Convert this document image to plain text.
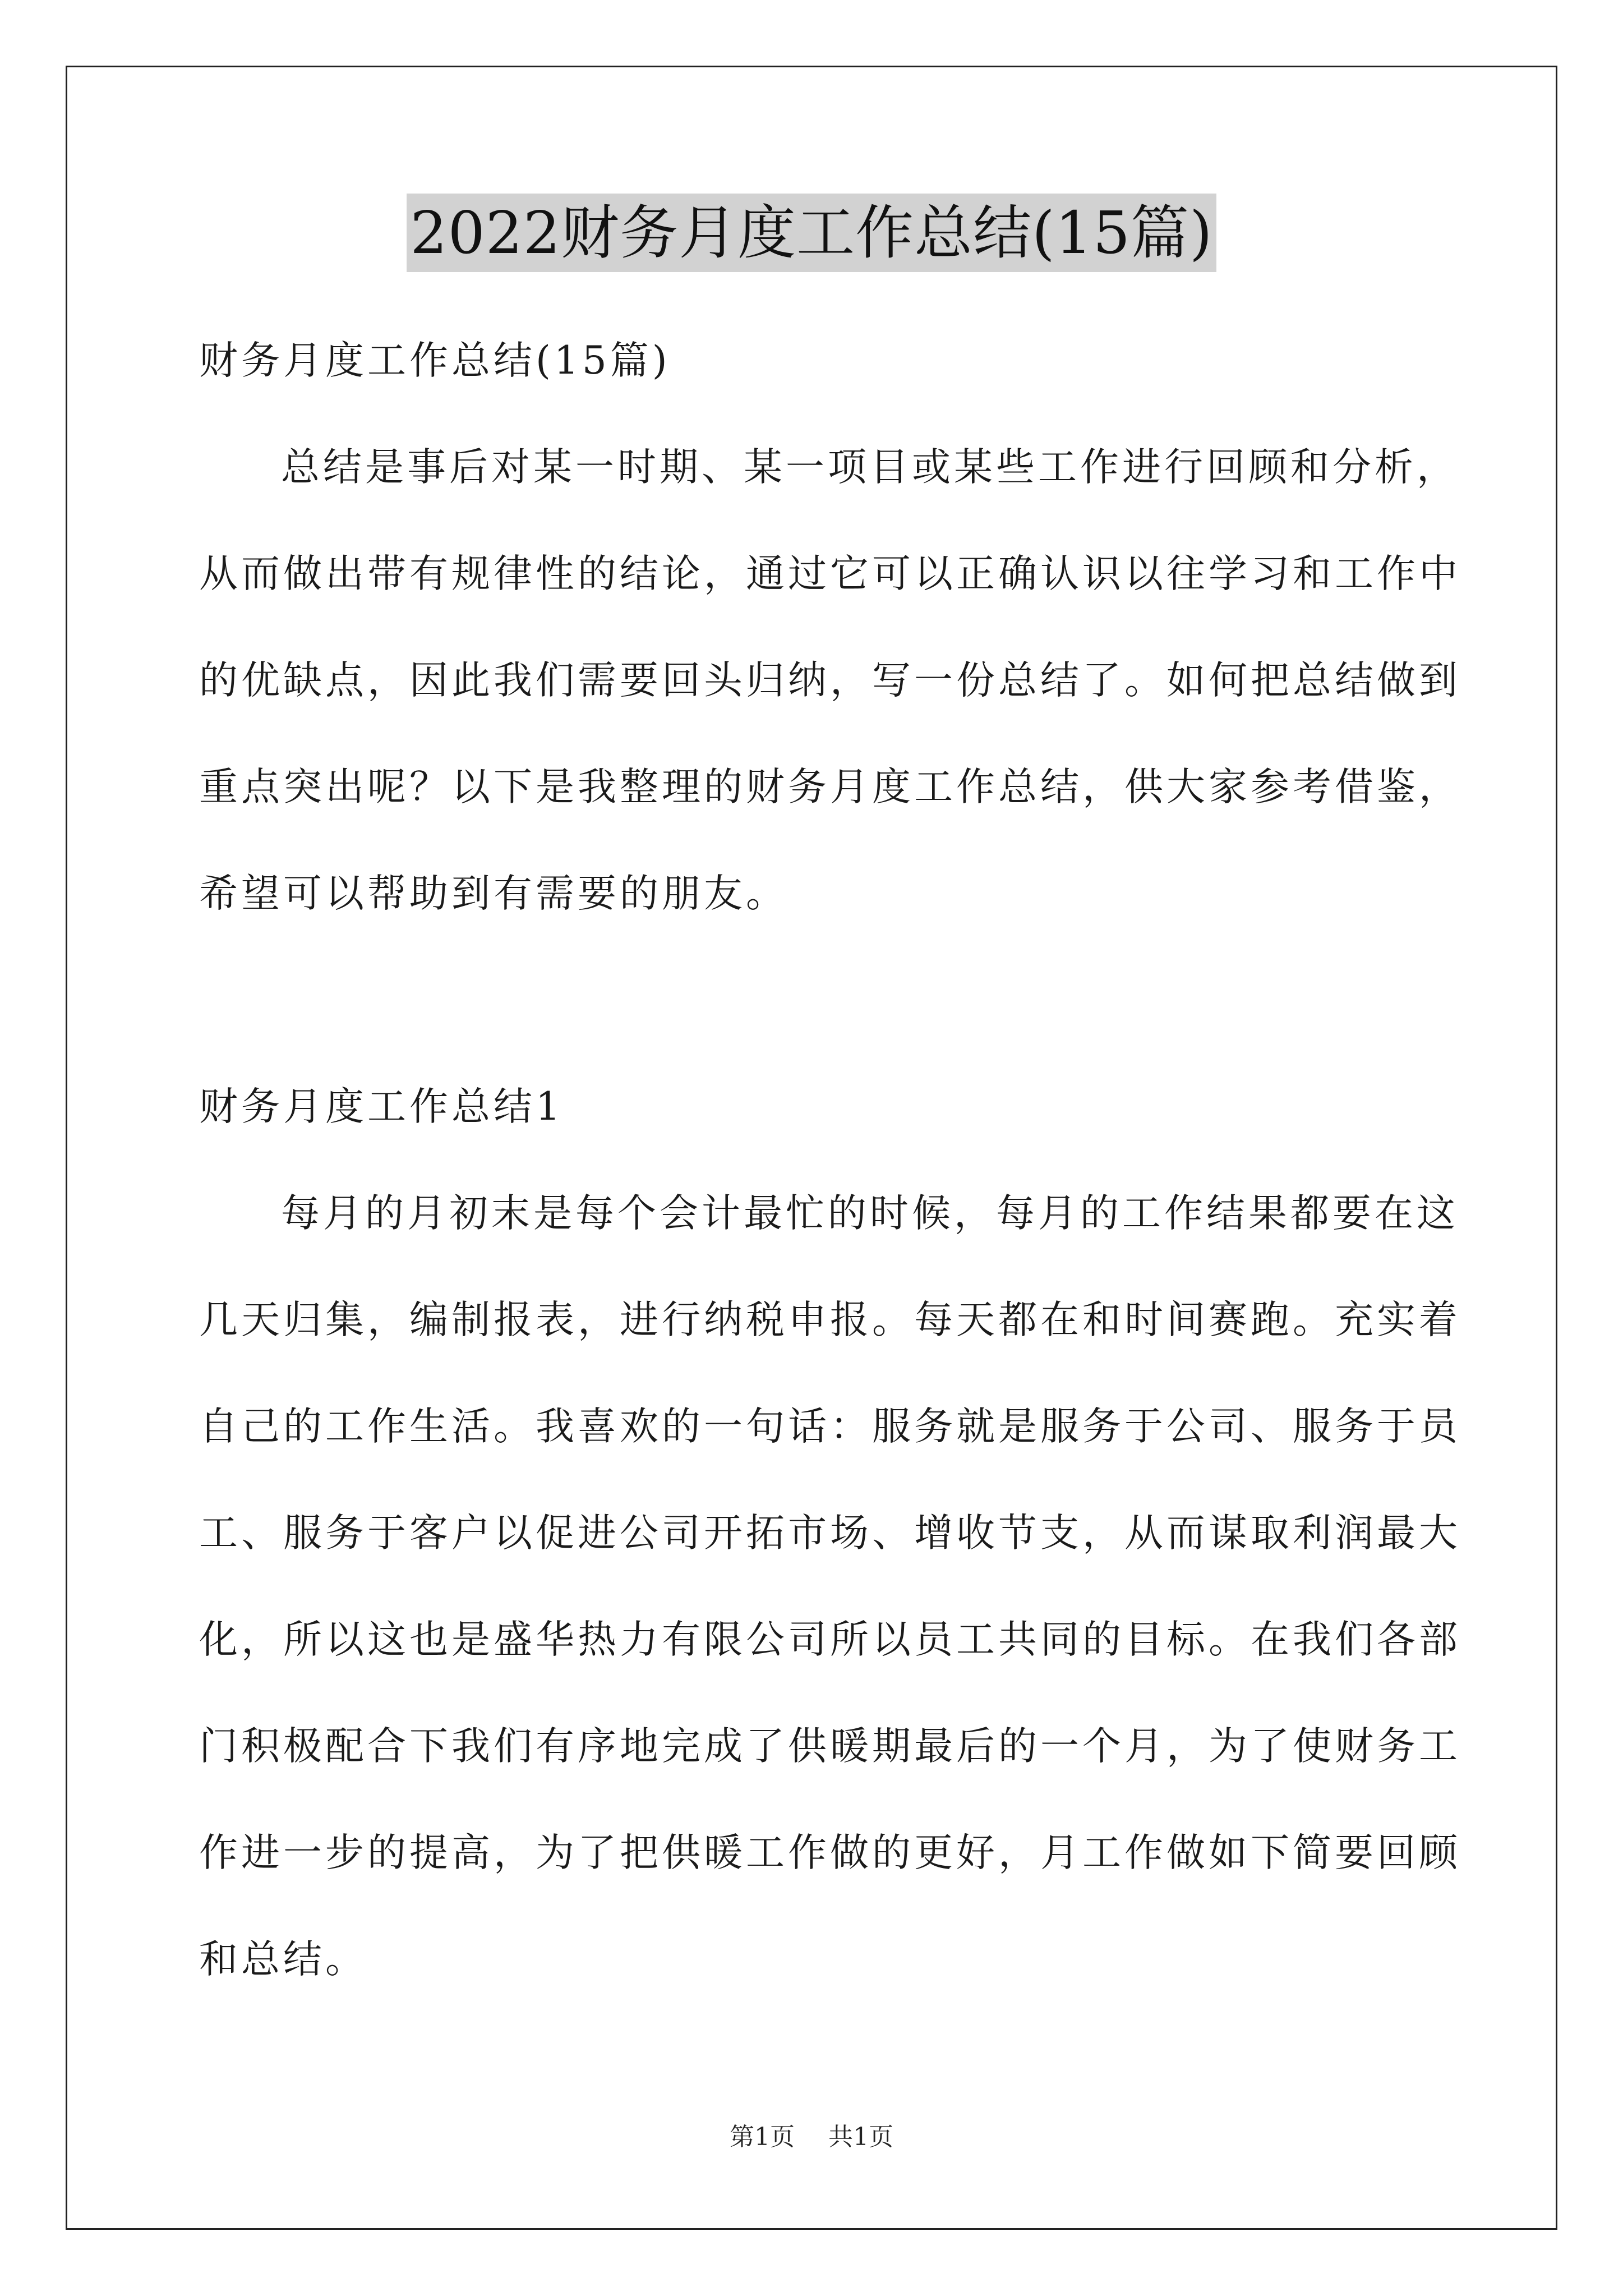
2022财务月度工作总结(15篇)
财务月度工作总结(15篇)
总结是事后对某一时期、某一项目或某些工作进行回顾和分析，
从而做出带有规律性的结论，通过它可以正确认识以往学习和工作中
的优缺点，因此我们需要回头归纳，写一份总结了。如何把总结做到
重点突出呢？以下是我整理的财务月度工作总结，供大家参考借鉴，
希望可以帮助到有需要的朋友。
财务月度工作总结1
每月的月初末是每个会计最忙的时候，每月的工作结果都要在这
几天归集，编制报表，进行纳税申报。每天都在和时间赛跑。充实着
自己的工作生活。我喜欢的一句话：服务就是服务于公司、服务于员
工、服务于客户以促进公司开拓市场、增收节支，从而谋取利润最大
化，所以这也是盛华热力有限公司所以员工共同的目标。在我们各部
门积极配合下我们有序地完成了供暖期最后的一个月，为了使财务工
作进一步的提高，为了把供暖工作做的更好，月工作做如下简要回顾
和总结。
第1页 共1页
